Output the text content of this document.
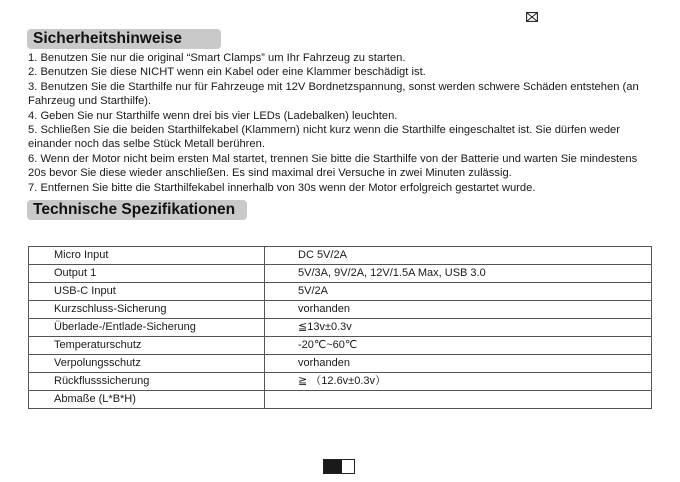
Sicherheitshinweise
1. Benutzen Sie nur die original “Smart Clamps” um Ihr Fahrzeug zu starten.
2. Benutzen Sie diese NICHT wenn ein Kabel oder eine Klammer beschädigt ist.
3. Benutzen Sie die Starthilfe nur für Fahrzeuge mit 12V Bordnetzspannung, sonst werden schwere Schäden entstehen (an Fahrzeug und Starthilfe).
4. Geben Sie nur Starthilfe wenn drei bis vier LEDs (Ladebalken) leuchten.
5. Schließen Sie die beiden Starthilfekabel (Klammern) nicht kurz wenn die Starthilfe eingeschaltet ist. Sie dürfen weder einander noch das selbe Stück Metall berühren.
6. Wenn der Motor nicht beim ersten Mal startet, trennen Sie bitte die Starthilfe von der Batterie und warten Sie mindestens 20s bevor Sie diese wieder anschließen. Es sind maximal drei Versuche in zwei Minuten zulässig.
7. Entfernen Sie bitte die Starthilfekabel innerhalb von 30s wenn der Motor erfolgreich gestartet wurde.
Technische Spezifikationen
Micro Input	DC 5V/2A
Output 1	5V/3A, 9V/2A, 12V/1.5A Max, USB 3.0
USB-C Input	5V/2A
Kurzschluss-Sicherung	vorhanden
Überlade-/Entlade-Sicherung	≦13v±0.3v
Temperaturschutz	-20℃~60℃
Verpolungsschutz	vorhanden
Rückflusssicherung	≧ （12.6v±0.3v）
Abmaße (L*B*H)	
